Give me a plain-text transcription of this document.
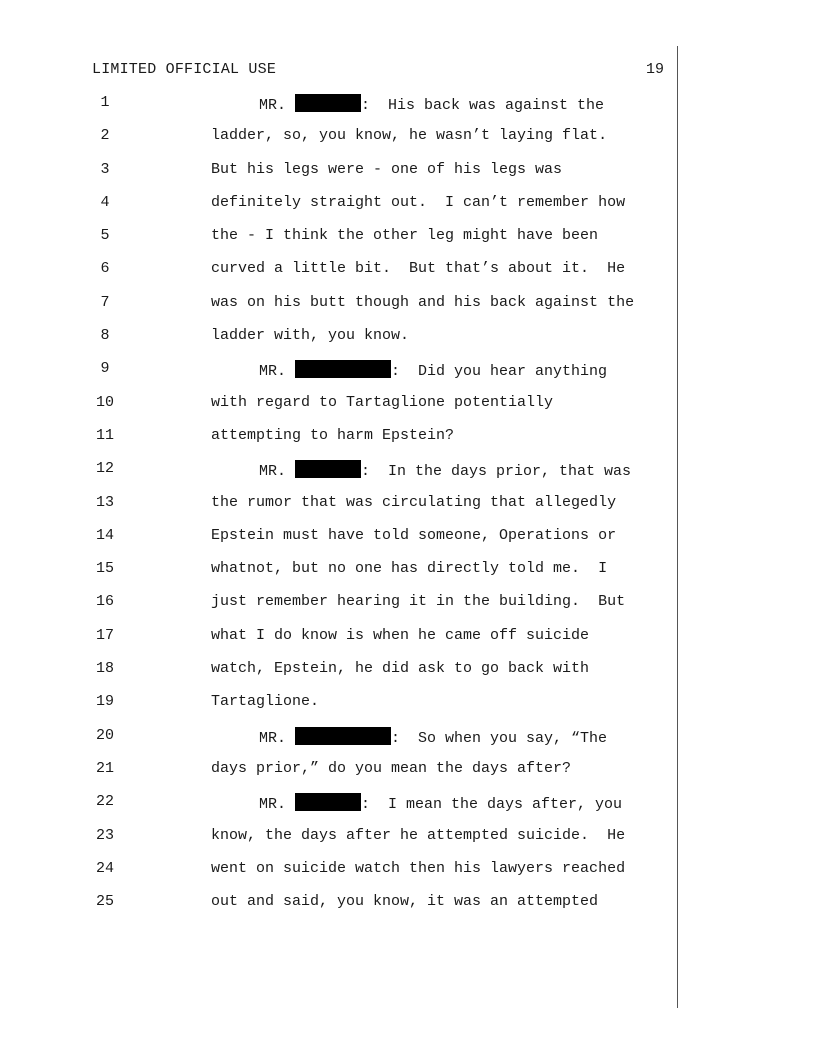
LIMITED OFFICIAL USE	19
1	MR.	:  His back was against the
2	ladder, so, you know, he wasn’t laying flat.
3	But his legs were - one of his legs was
4	definitely straight out.  I can’t remember how
5	the - I think the other leg might have been
6	curved a little bit.  But that’s about it.  He
7	was on his butt though and his back against the
8	ladder with, you know.
9	MR.	:  Did you hear anything
10	with regard to Tartaglione potentially
11	attempting to harm Epstein?
12	MR.	:  In the days prior, that was
13	the rumor that was circulating that allegedly
14	Epstein must have told someone, Operations or
15	whatnot, but no one has directly told me.  I
16	just remember hearing it in the building.  But
17	what I do know is when he came off suicide
18	watch, Epstein, he did ask to go back with
19	Tartaglione.
20	MR.	:  So when you say, “The
21	days prior,” do you mean the days after?
22	MR.	:  I mean the days after, you
23	know, the days after he attempted suicide.  He
24	went on suicide watch then his lawyers reached
25	out and said, you know, it was an attempted
